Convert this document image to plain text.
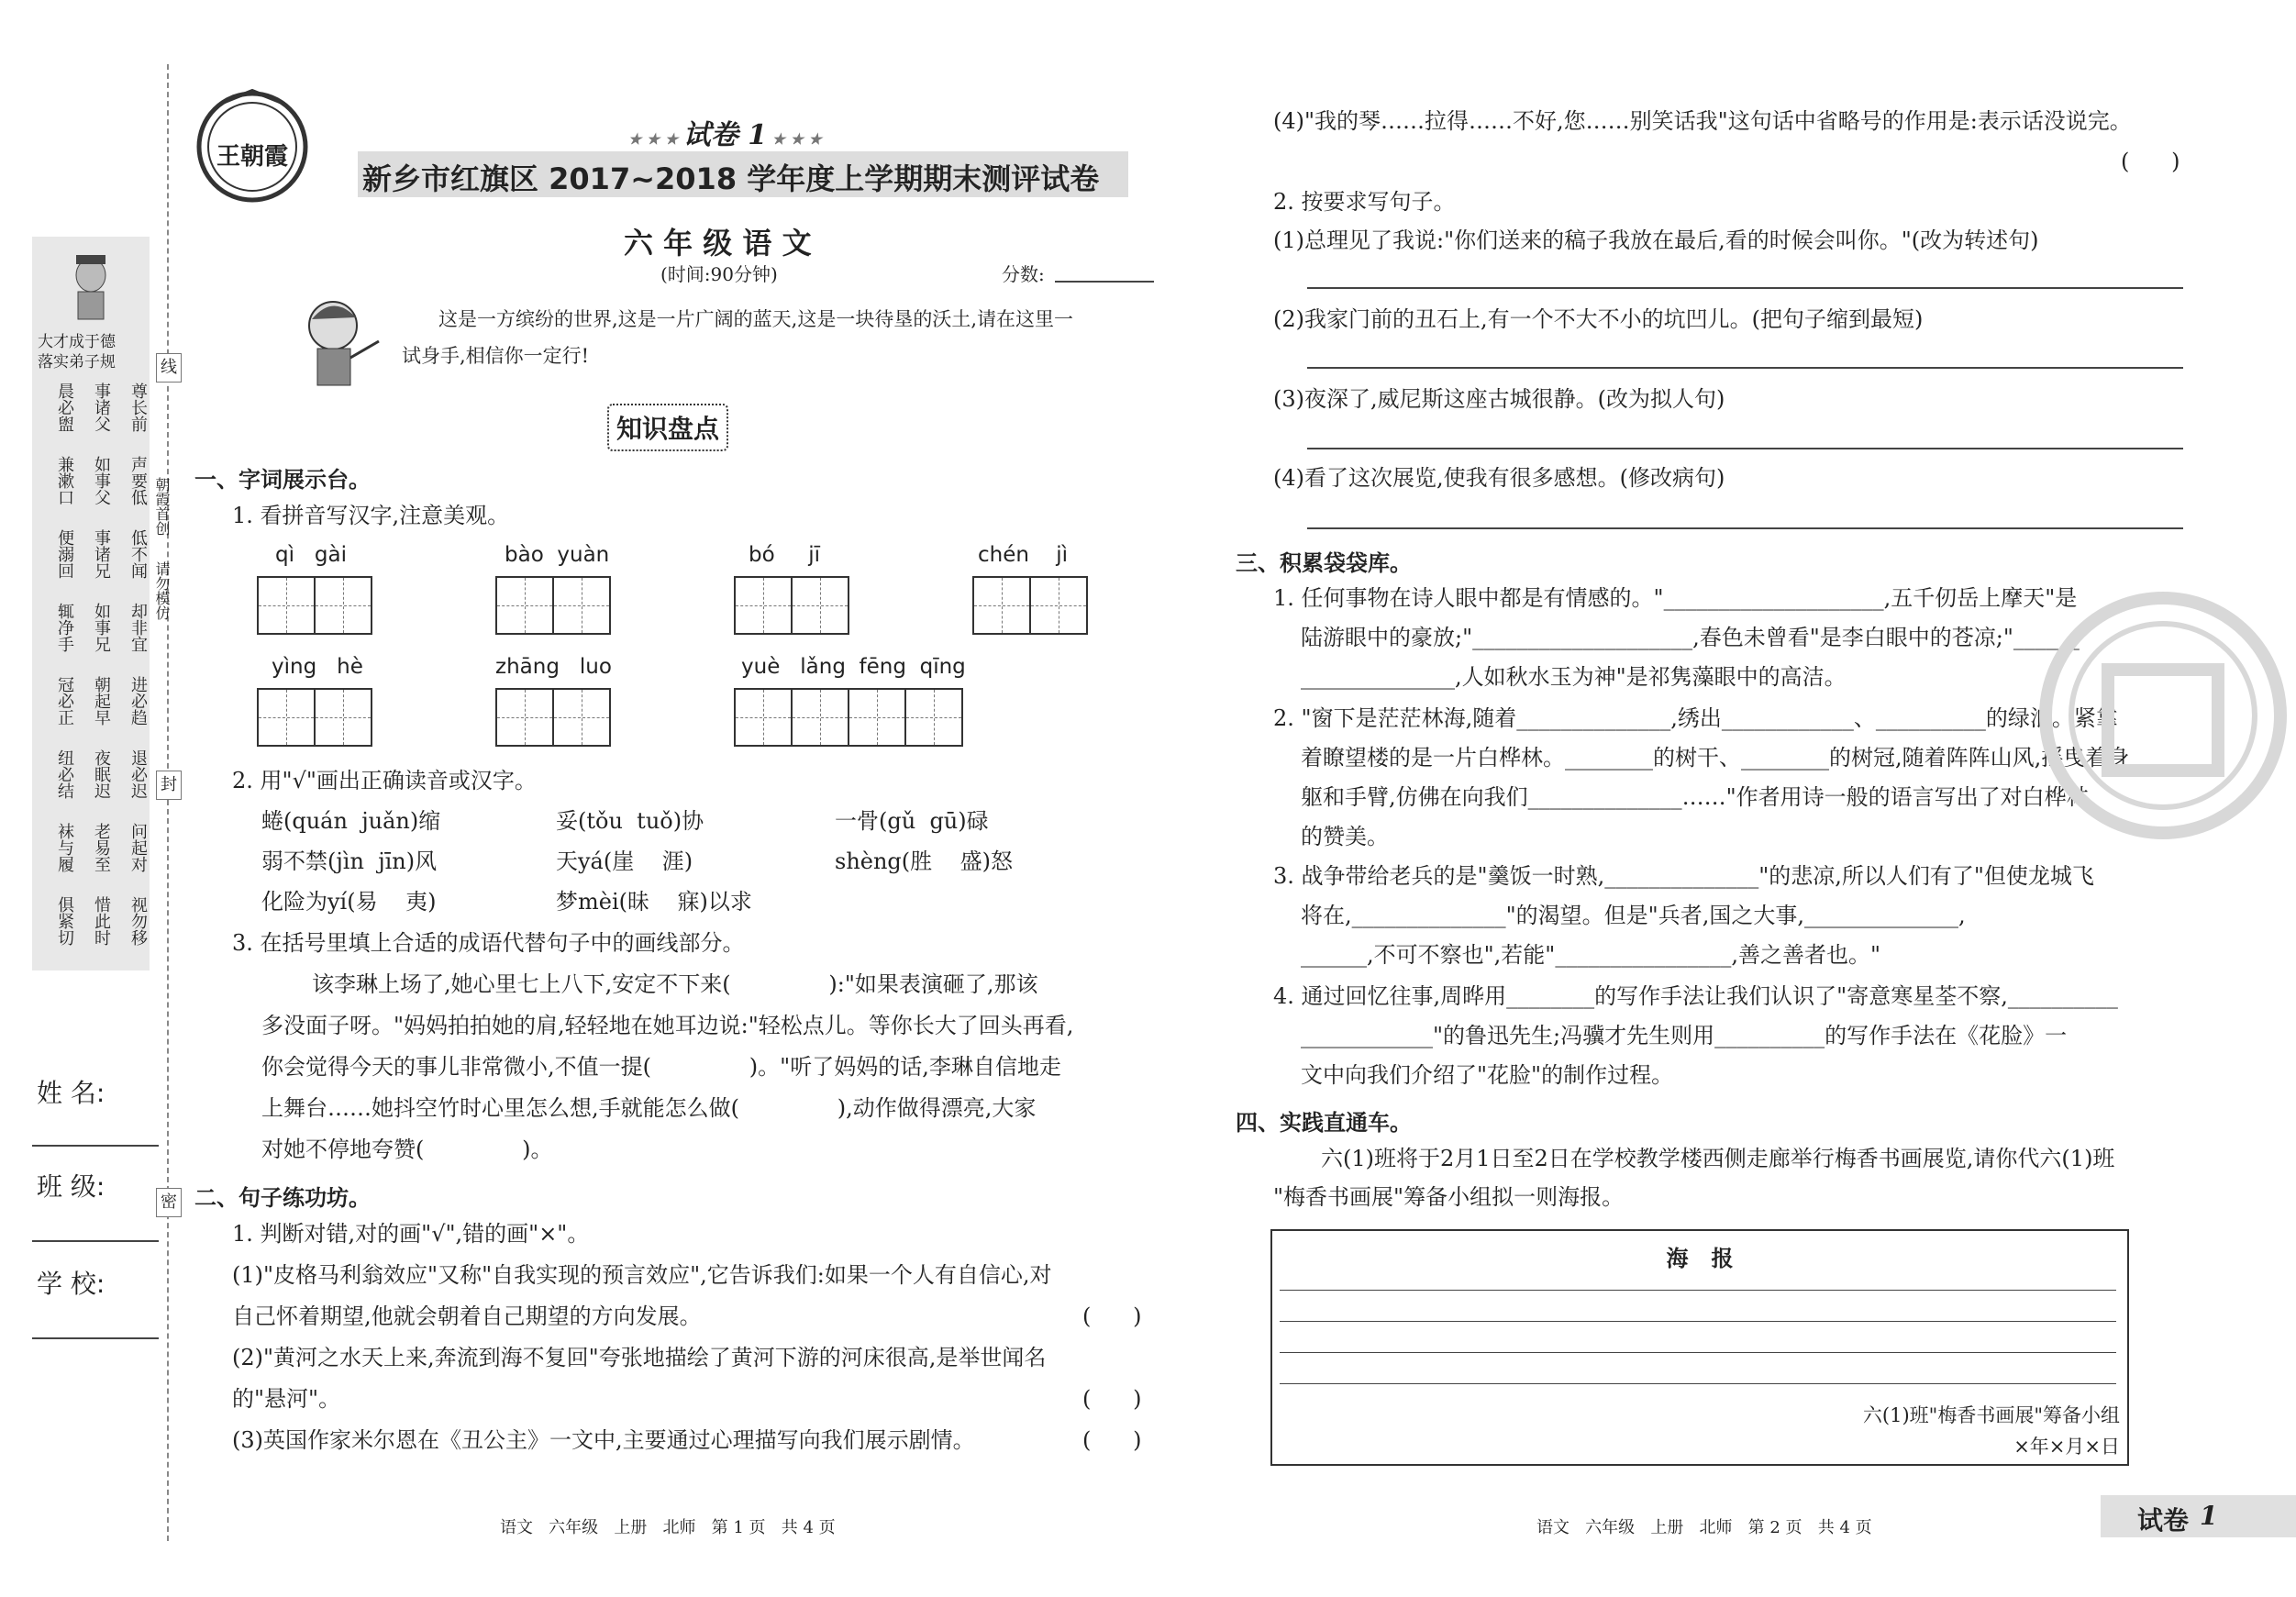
线
封
密
大才成于德
落实弟子规
晨必盥	事诸父	尊长前
兼漱口	如事父	声要低
便溺回	事诸兄	低不闻
辄净手	如事兄	却非宜
冠必正	朝起早	进必趋
纽必结	夜眠迟	退必迟
袜与履	老易至	问起对
俱紧切	惜此时	视勿移
朝霞首创
请勿模仿
姓 名:
班 级:
学 校:
王朝霞
★ ★ ★ 试卷 1 ★ ★ ★
新乡市红旗区 2017~2018 学年度上学期期末测评试卷
六 年 级 语 文
(时间:90分钟)	分数:
这是一方缤纷的世界,这是一片广阔的蓝天,这是一块待垦的沃土,请在这里一
试身手,相信你一定行!
知识盘点
一、字词展示台。
1. 看拼音写汉字,注意美观。
qì   gài	bào  yuàn	bó     jī	chén    jì
yìng   hè	zhāng   luo	yuè   lǎng  fēng  qīng
2. 用"√"画出正确读音或汉字。
蜷(quán  juǎn)缩	妥(tǒu  tuǒ)协	一骨(gǔ  gū)碌
弱不禁(jìn  jīn)风	天yá(崖    涯)	shèng(胜    盛)怒
化险为yí(易    夷)	梦mèi(昧    寐)以求
3. 在括号里填上合适的成语代替句子中的画线部分。
该李琳上场了,她心里七上八下,安定不下来(              ):"如果表演砸了,那该
多没面子呀。"妈妈拍拍她的肩,轻轻地在她耳边说:"轻松点儿。等你长大了回头再看,
你会觉得今天的事儿非常微小,不值一提(              )。"听了妈妈的话,李琳自信地走
上舞台……她抖空竹时心里怎么想,手就能怎么做(              ),动作做得漂亮,大家
对她不停地夸赞(              )。
二、句子练功坊。
1. 判断对错,对的画"√",错的画"×"。
(1)"皮格马利翁效应"又称"自我实现的预言效应",它告诉我们:如果一个人有自信心,对
自己怀着期望,他就会朝着自己期望的方向发展。	(      )
(2)"黄河之水天上来,奔流到海不复回"夸张地描绘了黄河下游的河床很高,是举世闻名
的"悬河"。	(      )
(3)英国作家米尔恩在《丑公主》一文中,主要通过心理描写向我们展示剧情。	(      )
语文   六年级   上册   北师   第 1 页   共 4 页
(4)"我的琴……拉得……不好,您……别笑话我"这句话中省略号的作用是:表示话没说完。
(      )
2. 按要求写句子。
(1)总理见了我说:"你们送来的稿子我放在最后,看的时候会叫你。"(改为转述句)
(2)我家门前的丑石上,有一个不大不小的坑凹儿。(把句子缩到最短)
(3)夜深了,威尼斯这座古城很静。(改为拟人句)
(4)看了这次展览,使我有很多感想。(修改病句)
三、积累袋袋库。
1. 任何事物在诗人眼中都是有情感的。"____________________,五千仞岳上摩天"是
陆游眼中的豪放;"____________________,春色未曾看"是李白眼中的苍凉;"______
______________,人如秋水玉为神"是祁隽藻眼中的高洁。
2. "窗下是茫茫林海,随着______________,绣出____________、__________的绿浪。紧靠
着瞭望楼的是一片白桦林。________的树干、________的树冠,随着阵阵山风,摇曳着身
躯和手臂,仿佛在向我们______________……"作者用诗一般的语言写出了对白桦林
的赞美。
3. 战争带给老兵的是"羹饭一时熟,______________"的悲凉,所以人们有了"但使龙城飞
将在,______________"的渴望。但是"兵者,国之大事,______________,
______,不可不察也",若能"________________,善之善者也。"
4. 通过回忆往事,周晔用________的写作手法让我们认识了"寄意寒星荃不察,__________
____________"的鲁迅先生;冯骥才先生则用__________的写作手法在《花脸》一
文中向我们介绍了"花脸"的制作过程。
四、实践直通车。
六(1)班将于2月1日至2日在学校教学楼西侧走廊举行梅香书画展览,请你代六(1)班
"梅香书画展"筹备小组拟一则海报。
海   报
六(1)班"梅香书画展"筹备小组
×年×月×日
语文   六年级   上册   北师   第 2 页   共 4 页	试卷 1
